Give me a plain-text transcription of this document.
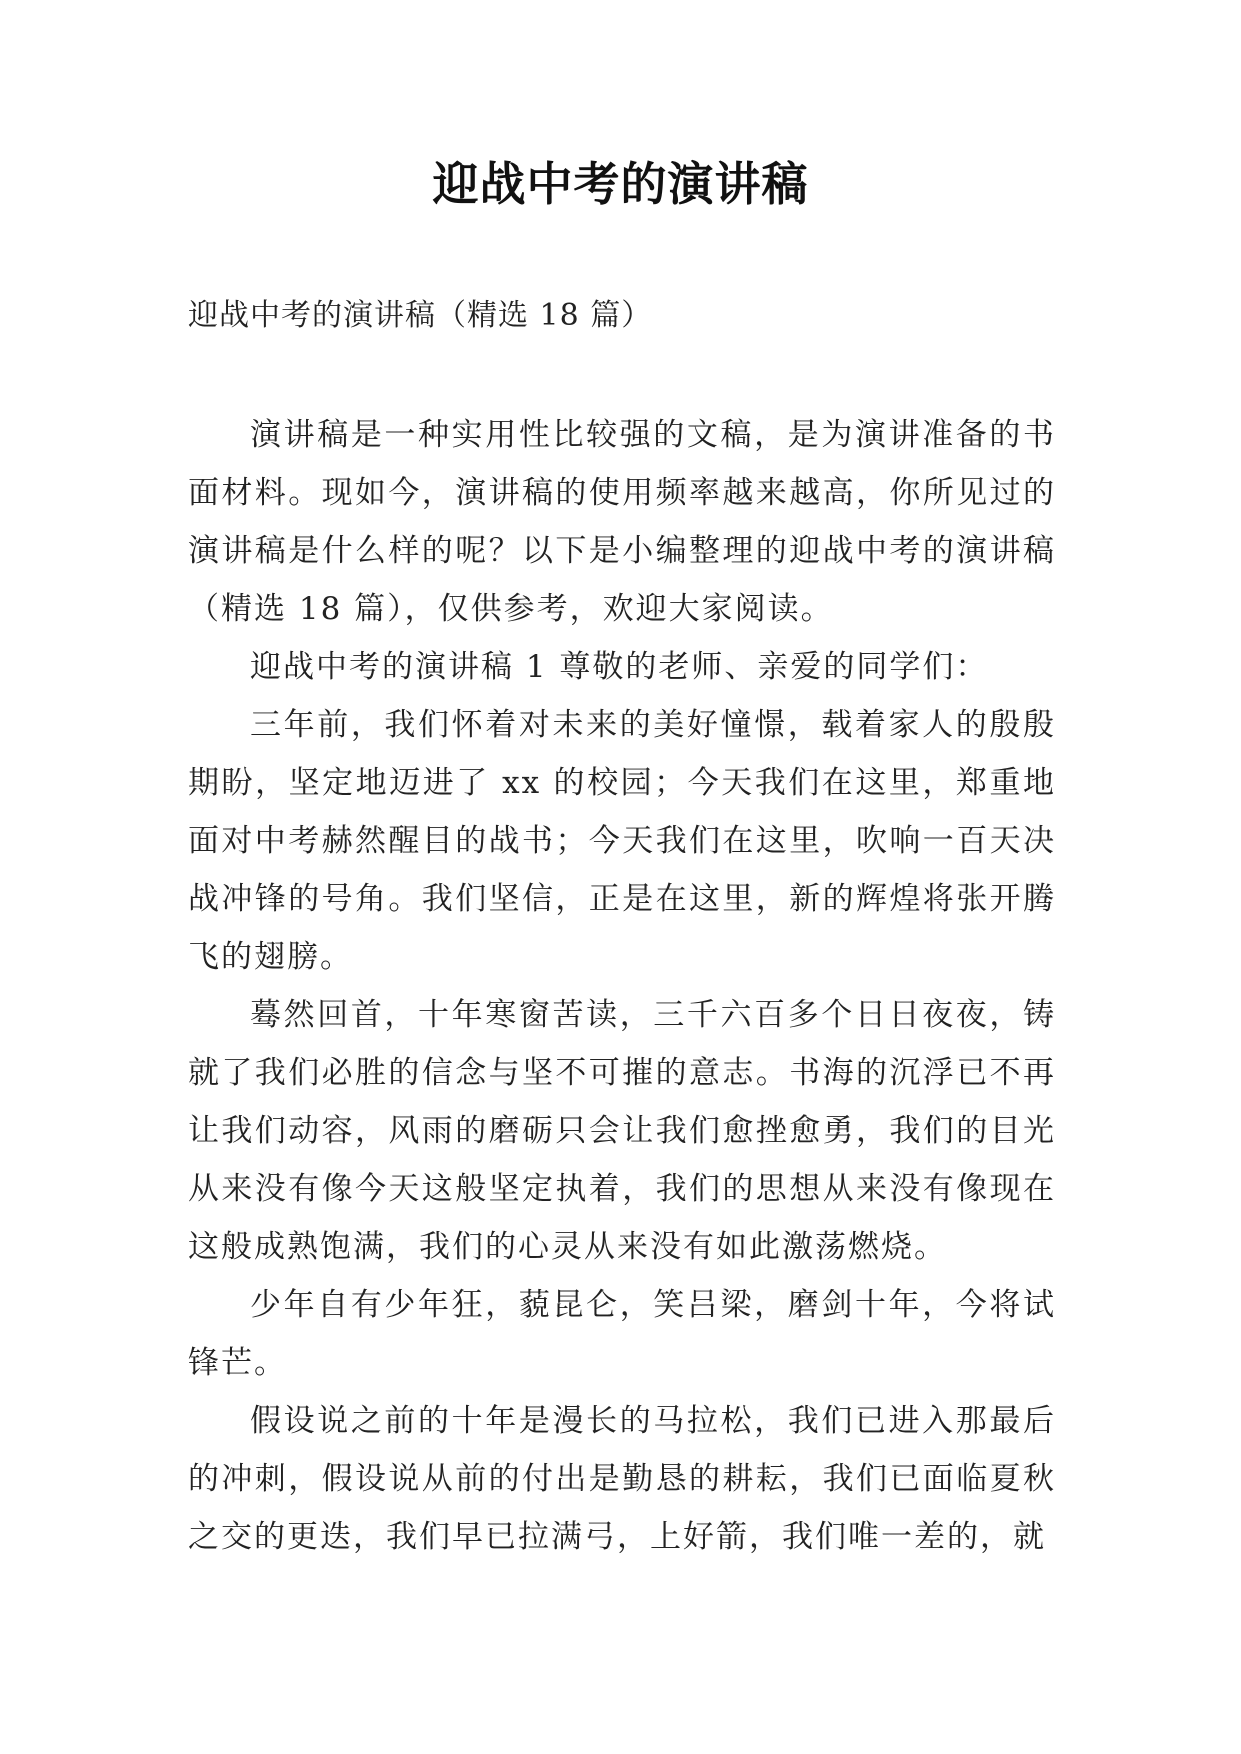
迎战中考的演讲稿
迎战中考的演讲稿（精选 18 篇）

演讲稿是一种实用性比较强的文稿，是为演讲准备的书面材料。现如今，演讲稿的使用频率越来越高，你所见过的演讲稿是什么样的呢？以下是小编整理的迎战中考的演讲稿（精选 18 篇），仅供参考，欢迎大家阅读。

迎战中考的演讲稿 1 尊敬的老师、亲爱的同学们：

三年前，我们怀着对未来的美好憧憬，载着家人的殷殷期盼，坚定地迈进了 xx 的校园；今天我们在这里，郑重地面对中考赫然醒目的战书；今天我们在这里，吹响一百天决战冲锋的号角。我们坚信，正是在这里，新的辉煌将张开腾飞的翅膀。

蓦然回首，十年寒窗苦读，三千六百多个日日夜夜，铸就了我们必胜的信念与坚不可摧的意志。书海的沉浮已不再让我们动容，风雨的磨砺只会让我们愈挫愈勇，我们的目光从来没有像今天这般坚定执着，我们的思想从来没有像现在这般成熟饱满，我们的心灵从来没有如此激荡燃烧。

少年自有少年狂，藐昆仑，笑吕梁，磨剑十年，今将试锋芒。

假设说之前的十年是漫长的马拉松，我们已进入那最后的冲刺，假设说从前的付出是勤恳的耕耘，我们已面临夏秋之交的更迭，我们早已拉满弓，上好箭，我们唯一差的，就
